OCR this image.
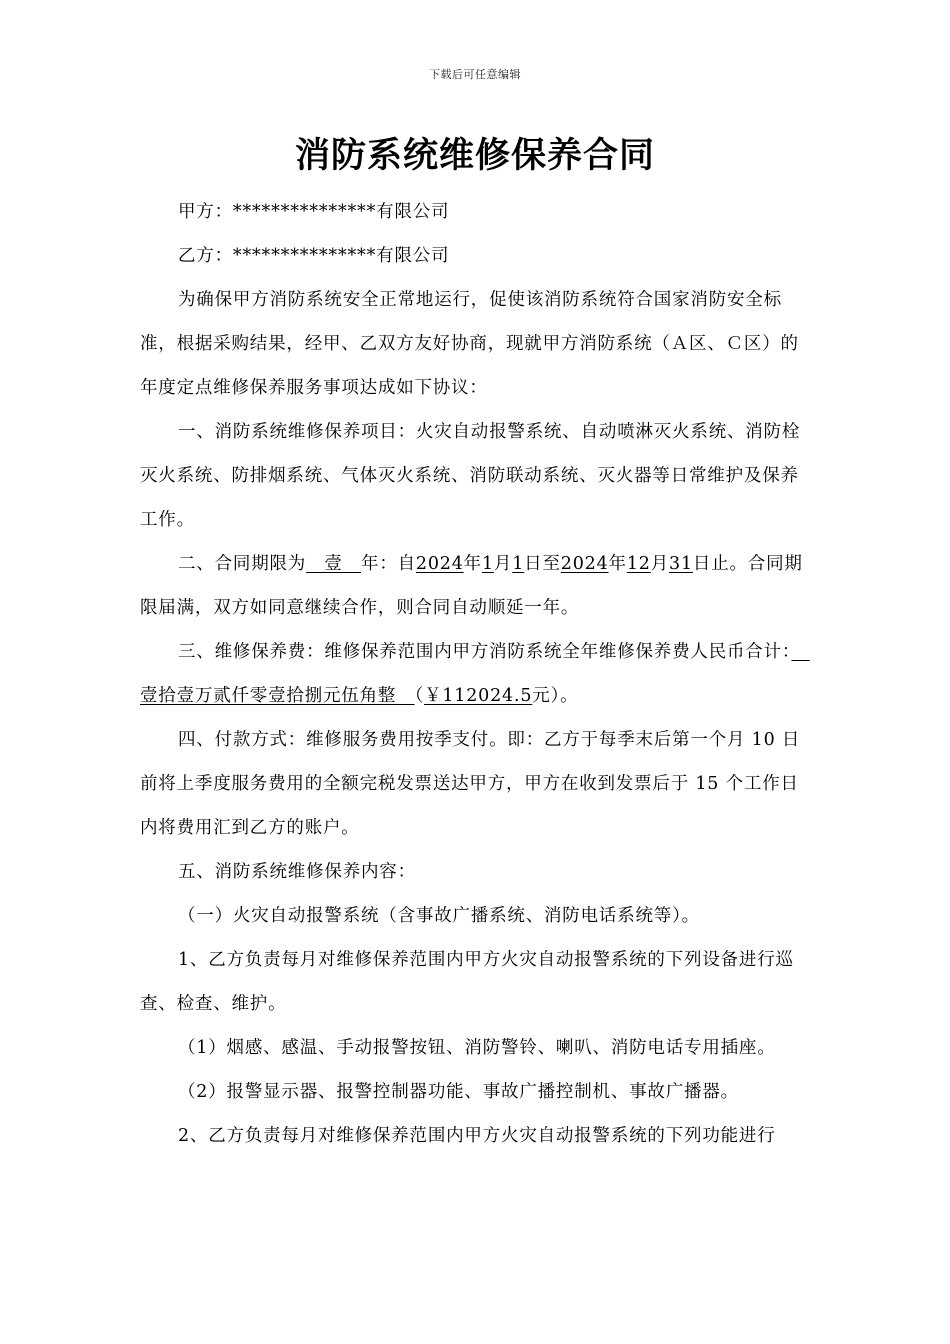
下载后可任意编辑
消防系统维修保养合同

甲方：***************有限公司

乙方：***************有限公司

为确保甲方消防系统安全正常地运行，促使该消防系统符合国家消防安全标准，根据采购结果，经甲、乙双方友好协商，现就甲方消防系统（Ａ区、Ｃ区）的年度定点维修保养服务事项达成如下协议：

一、消防系统维修保养项目：火灾自动报警系统、自动喷淋灭火系统、消防栓灭火系统、防排烟系统、气体灭火系统、消防联动系统、灭火器等日常维护及保养工作。

二、合同期限为　壹　年：自2024年1月1日至2024年12月31日止。合同期限届满，双方如同意继续合作，则合同自动顺延一年。

三、维修保养费：维修保养范围内甲方消防系统全年维修保养费人民币合计：　壹拾壹万贰仟零壹拾捌元伍角整　（￥112024.5元）。

四、付款方式：维修服务费用按季支付。即：乙方于每季末后第一个月 10 日前将上季度服务费用的全额完税发票送达甲方，甲方在收到发票后于 15 个工作日内将费用汇到乙方的账户。

五、消防系统维修保养内容：

（一）火灾自动报警系统（含事故广播系统、消防电话系统等）。

1、乙方负责每月对维修保养范围内甲方火灾自动报警系统的下列设备进行巡查、检查、维护。

（1）烟感、感温、手动报警按钮、消防警铃、喇叭、消防电话专用插座。

（2）报警显示器、报警控制器功能、事故广播控制机、事故广播器。

2、乙方负责每月对维修保养范围内甲方火灾自动报警系统的下列功能进行
